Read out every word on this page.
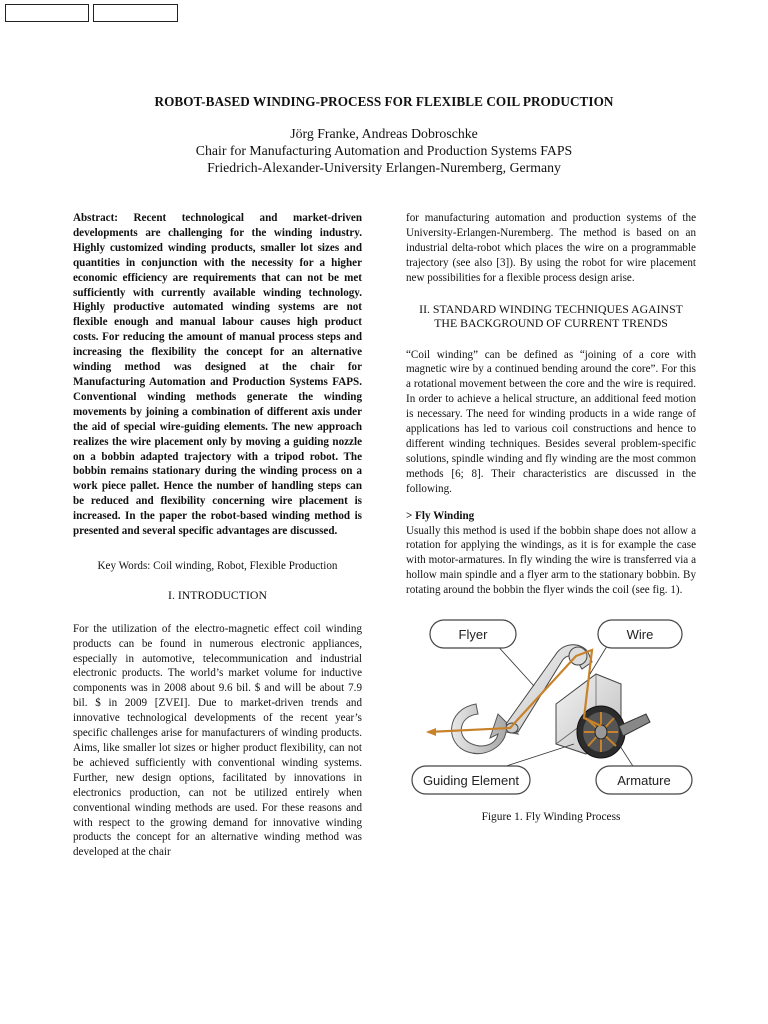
ROBOT-BASED WINDING-PROCESS FOR FLEXIBLE COIL PRODUCTION
Jörg Franke, Andreas Dobroschke
Chair for Manufacturing Automation and Production Systems FAPS
Friedrich-Alexander-University Erlangen-Nuremberg, Germany

Abstract: Recent technological and market-driven developments are challenging for the winding industry. Highly customized winding products, smaller lot sizes and quantities in conjunction with the necessity for a higher economic efficiency are requirements that can not be met sufficiently with currently available winding technology. Highly productive automated winding systems are not flexible enough and manual labour causes high product costs. For reducing the amount of manual process steps and increasing the flexibility the concept for an alternative winding method was designed at the chair for Manufacturing Automation and Production Systems FAPS. Conventional winding methods generate the winding movements by joining a combination of different axis under the aid of special wire-guiding elements. The new approach realizes the wire placement only by moving a guiding nozzle on a bobbin adapted trajectory with a tripod robot. The bobbin remains stationary during the winding process on a work piece pallet. Hence the number of handling steps can be reduced and flexibility concerning wire placement is increased. In the paper the robot-based winding method is presented and several specific advantages are discussed.

Key Words: Coil winding, Robot, Flexible Production

I. INTRODUCTION

For the utilization of the electro-magnetic effect coil winding products can be found in numerous electronic appliances, especially in automotive, telecommunication and industrial electronic products. The world’s market volume for inductive components was in 2008 about 9.6 bil. $ and will be about 7.9 bil. $ in 2009 [ZVEI]. Due to market-driven trends and innovative technological developments of the recent year’s specific challenges arise for manufacturers of winding products. Aims, like smaller lot sizes or higher product flexibility, can not be achieved sufficiently with conventional winding systems. Further, new design options, facilitated by innovations in electronics production, can not be utilized entirely when conventional winding methods are used. For these reasons and with respect to the growing demand for innovative winding products the concept for an alternative winding method was developed at the chair

for manufacturing automation and production systems of the University-Erlangen-Nuremberg. The method is based on an industrial delta-robot which places the wire on a programmable trajectory (see also [3]). By using the robot for wire placement new possibilities for a flexible process design arise.

II. STANDARD WINDING TECHNIQUES AGAINST
THE BACKGROUND OF CURRENT TRENDS

“Coil winding” can be defined as “joining of a core with magnetic wire by a continued bending around the core”. For this a rotational movement between the core and the wire is required. In order to achieve a helical structure, an additional feed motion is necessary. The need for winding products in a wide range of applications has led to various coil constructions and hence to different winding techniques. Besides several problem-specific solutions, spindle winding and fly winding are the most common methods [6; 8]. Their characteristics are discussed in the following.

> Fly Winding

Usually this method is used if the bobbin shape does not allow a rotation for applying the windings, as it is for example the case with motor-armatures. In fly winding the wire is transferred via a hollow main spindle and a flyer arm to the stationary bobbin. By rotating around the bobbin the flyer winds the coil (see fig. 1).

Flyer	Wire
Guiding Element	Armature
Figure 1. Fly Winding Process
